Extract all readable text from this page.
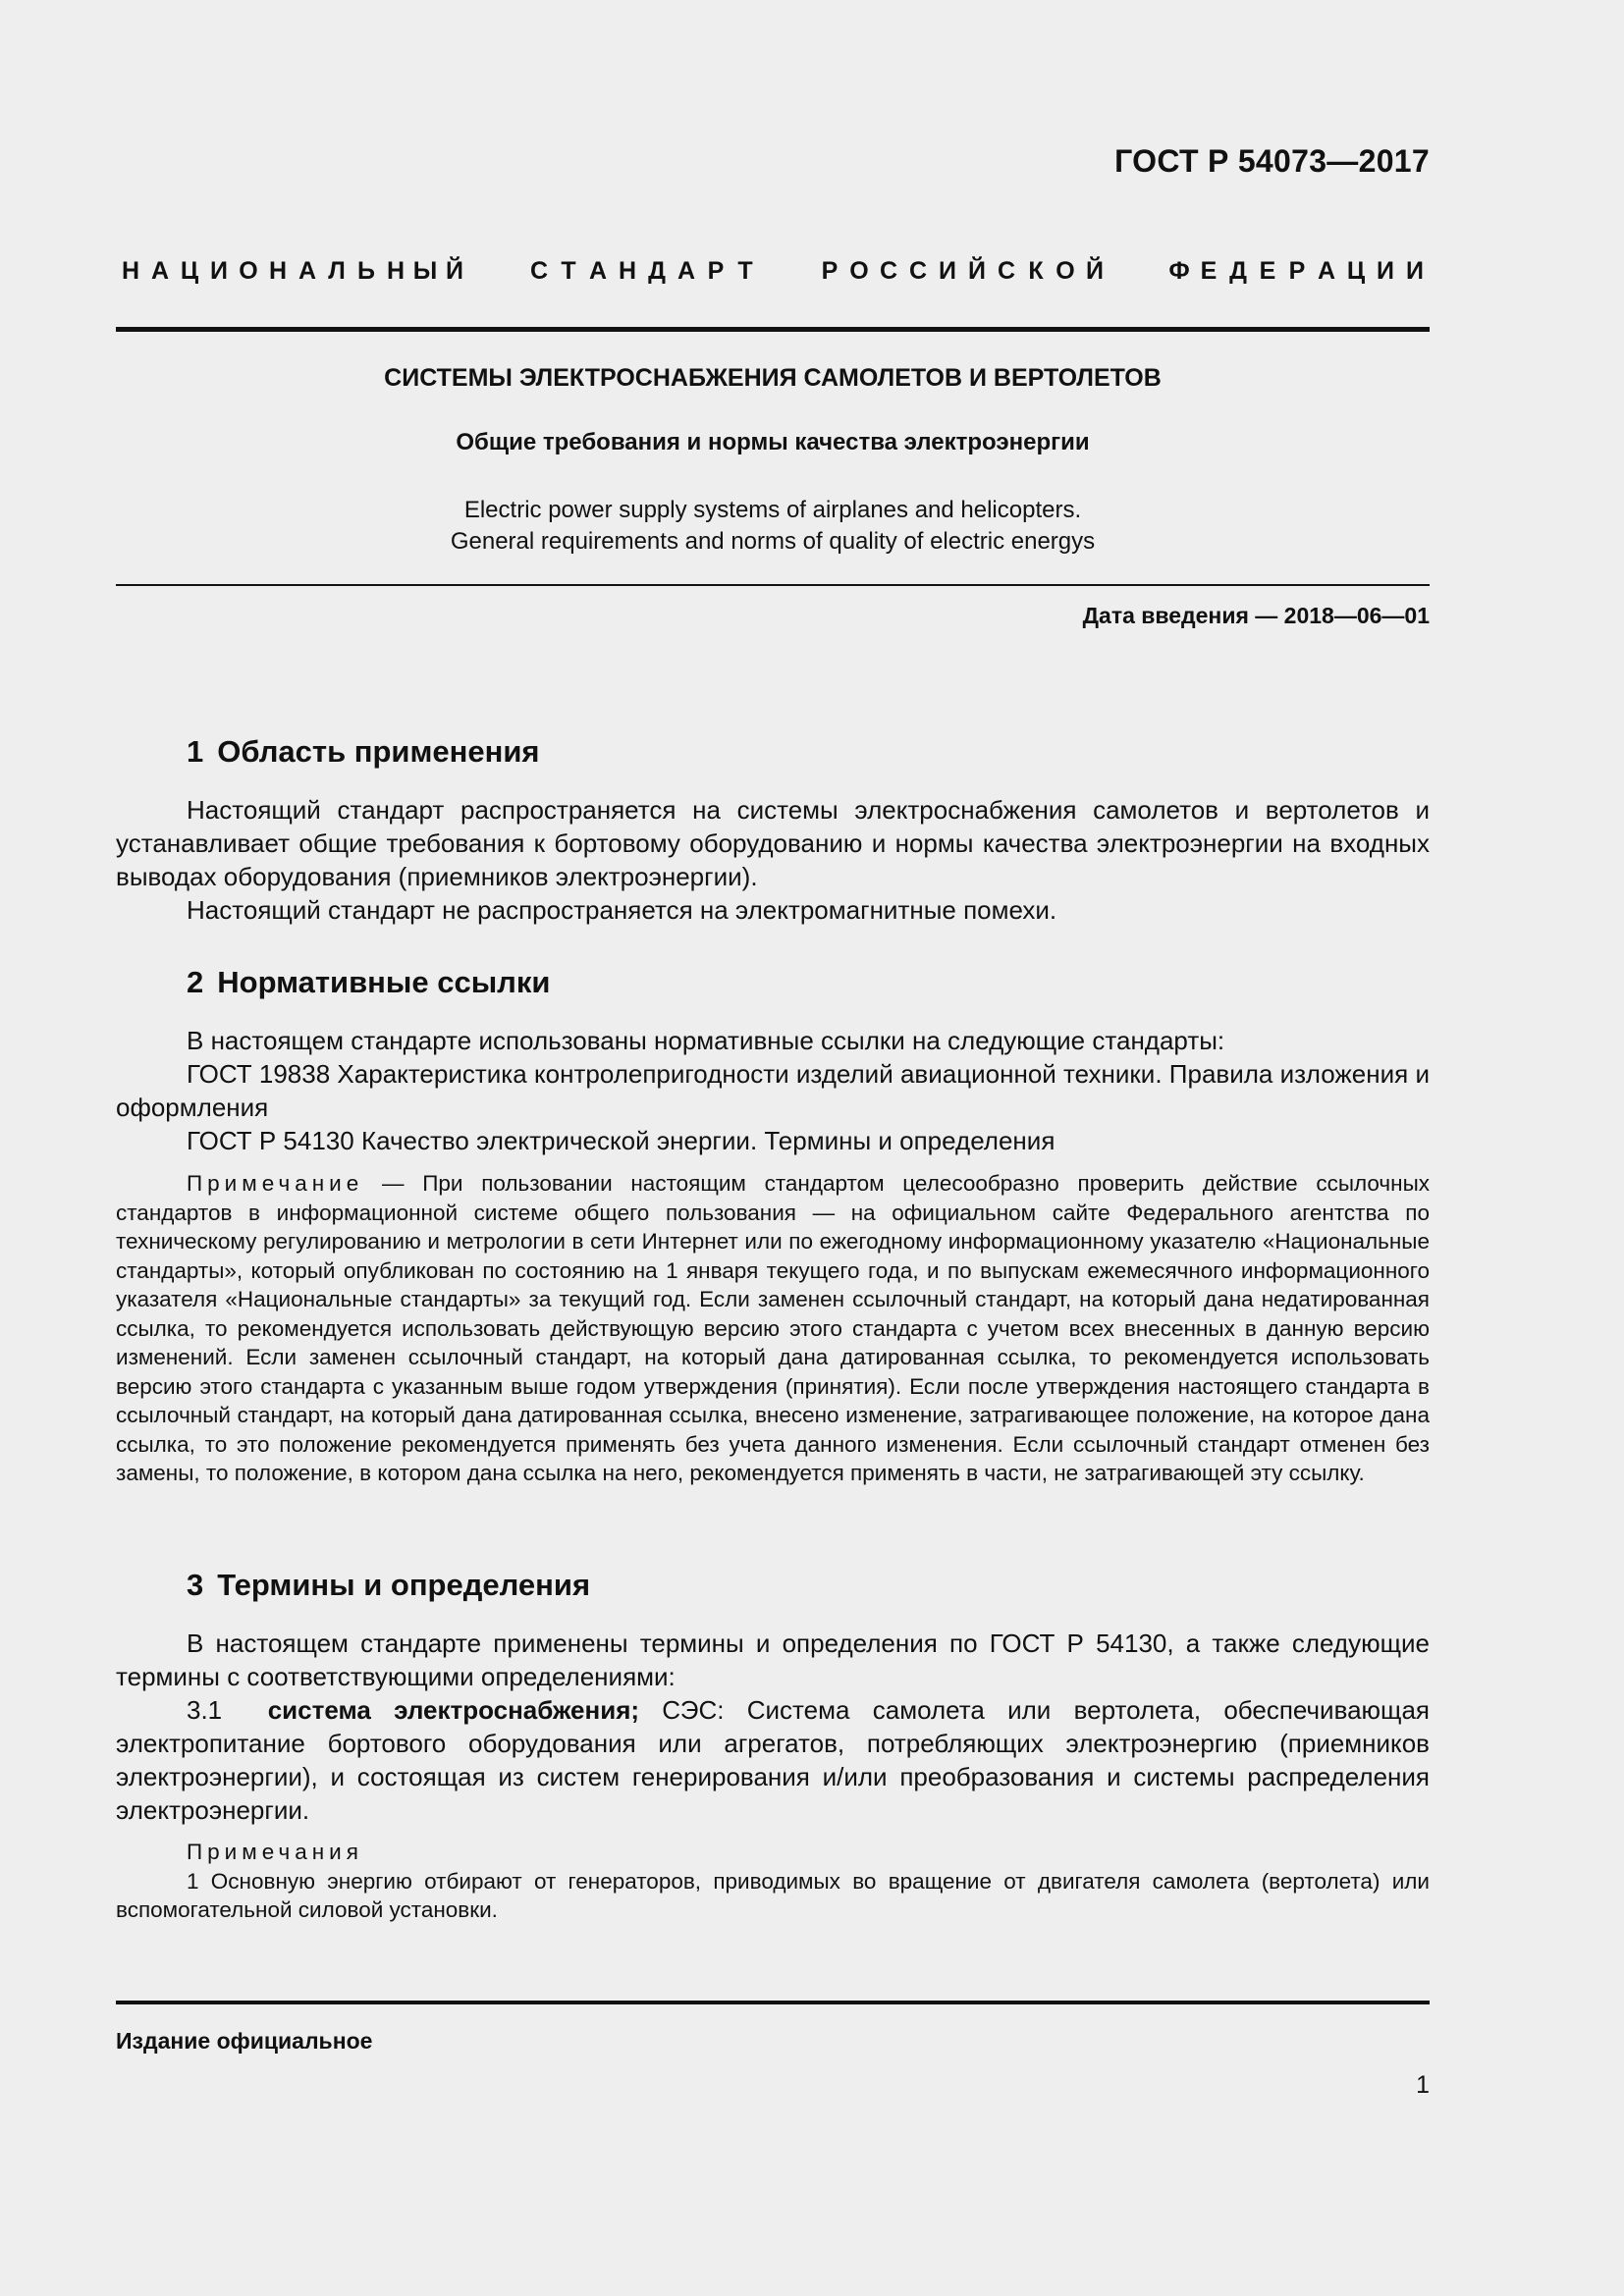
ГОСТ Р 54073—2017
Н А Ц И О Н А Л Ь Н Ы Й	С Т А Н Д А Р Т	Р О С С И Й С К О Й	Ф Е Д Е Р А Ц И И
СИСТЕМЫ ЭЛЕКТРОСНАБЖЕНИЯ САМОЛЕТОВ И ВЕРТОЛЕТОВ
Общие требования и нормы качества электроэнергии
Electric power supply systems of airplanes and helicopters.
General requirements and norms of quality of electric energys
Дата введения — 2018—06—01
1 Область применения

Настоящий стандарт распространяется на системы электроснабжения самолетов и вертолетов и устанавливает общие требования к бортовому оборудованию и нормы качества электроэнергии на входных выводах оборудования (приемников электроэнергии).

Настоящий стандарт не распространяется на электромагнитные помехи.

2 Нормативные ссылки

В настоящем стандарте использованы нормативные ссылки на следующие стандарты:

ГОСТ 19838 Характеристика контролепригодности изделий авиационной техники. Правила изложения и оформления

ГОСТ Р 54130 Качество электрической энергии. Термины и определения

Примечание — При пользовании настоящим стандартом целесообразно проверить действие ссылочных стандартов в информационной системе общего пользования — на официальном сайте Федерального агентства по техническому регулированию и метрологии в сети Интернет или по ежегодному информационному указателю «Национальные стандарты», который опубликован по состоянию на 1 января текущего года, и по выпускам ежемесячного информационного указателя «Национальные стандарты» за текущий год. Если заменен ссылочный стандарт, на который дана недатированная ссылка, то рекомендуется использовать действующую версию этого стандарта с учетом всех внесенных в данную версию изменений. Если заменен ссылочный стандарт, на который дана датированная ссылка, то рекомендуется использовать версию этого стандарта с указанным выше годом утверждения (принятия). Если после утверждения настоящего стандарта в ссылочный стандарт, на который дана датированная ссылка, внесено изменение, затрагивающее положение, на которое дана ссылка, то это положение рекомендуется применять без учета данного изменения. Если ссылочный стандарт отменен без замены, то положение, в котором дана ссылка на него, рекомендуется применять в части, не затрагивающей эту ссылку.

3 Термины и определения

В настоящем стандарте применены термины и определения по ГОСТ Р 54130, а также следующие термины с соответствующими определениями:

3.1 система электроснабжения; СЭС: Система самолета или вертолета, обеспечивающая электропитание бортового оборудования или агрегатов, потребляющих электроэнергию (приемников электроэнергии), и состоящая из систем генерирования и/или преобразования и системы распределения электроэнергии.

Примечания

1 Основную энергию отбирают от генераторов, приводимых во вращение от двигателя самолета (вертолета) или вспомогательной силовой установки.

Издание официальное
1
